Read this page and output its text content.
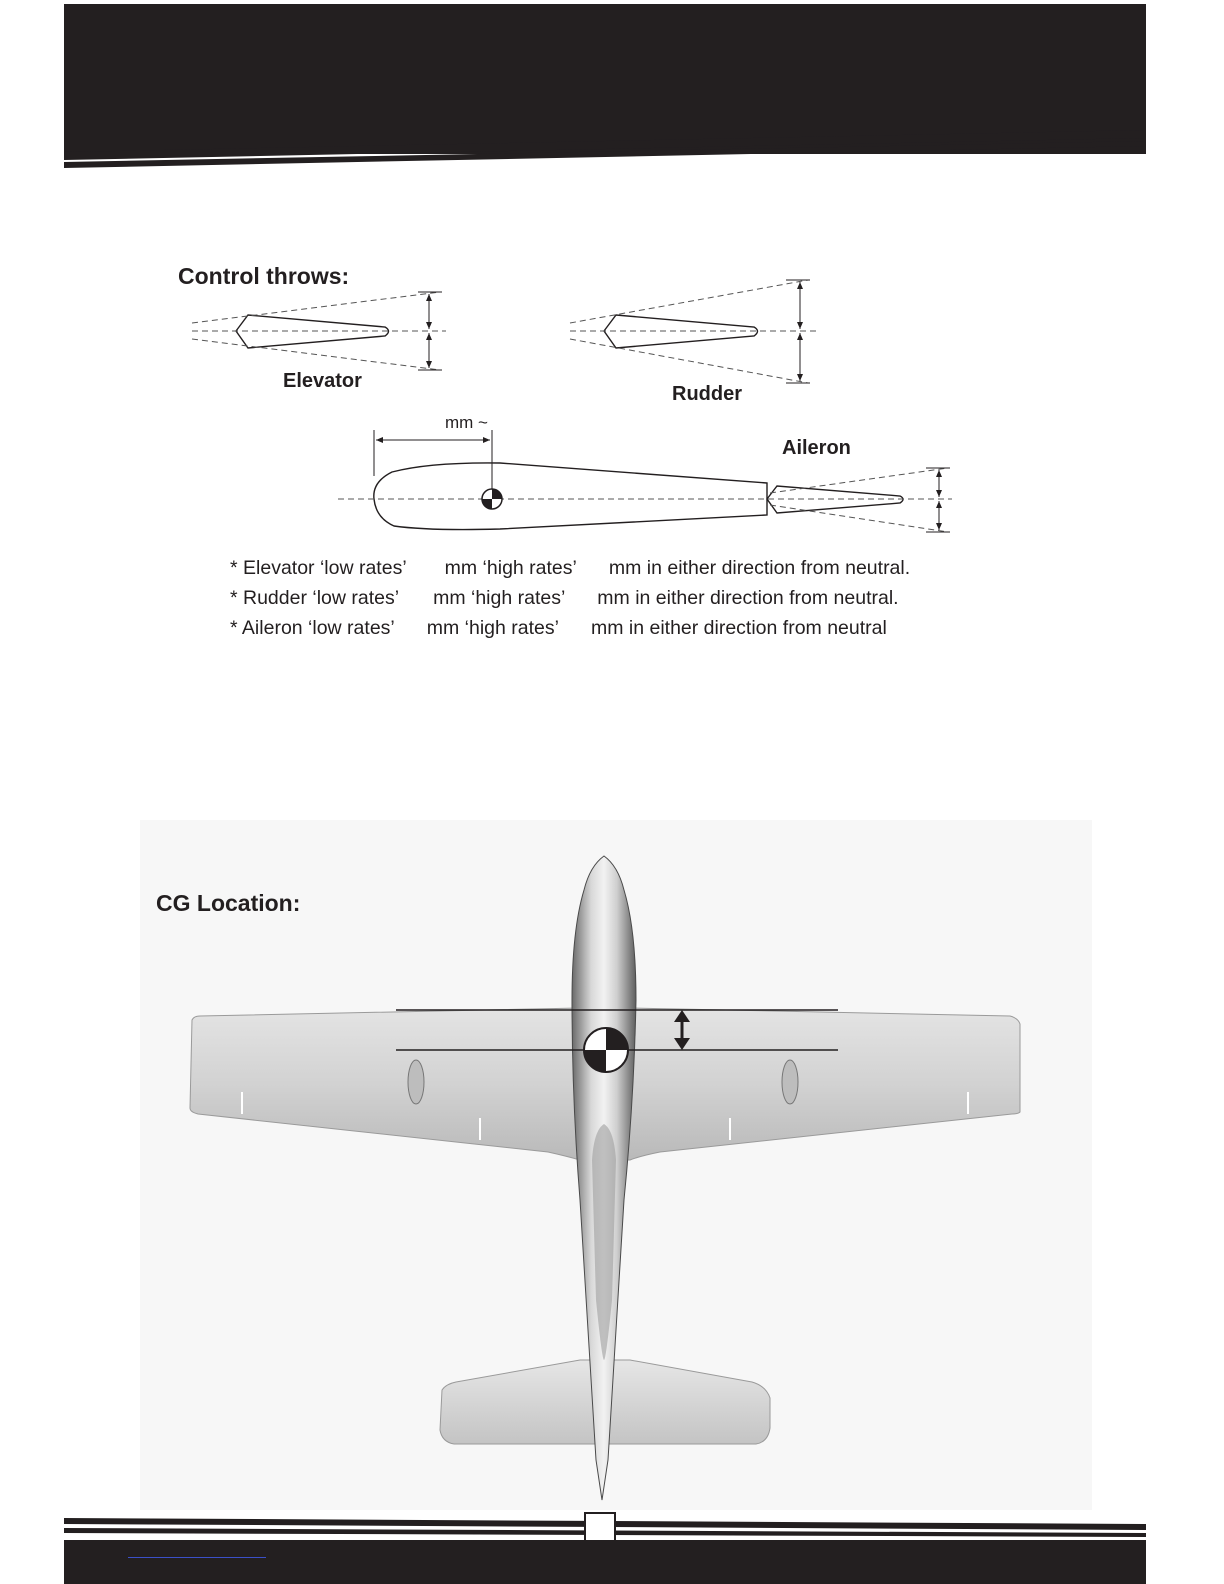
Control throws:
Elevator
Rudder
Aileron
mm ~
* Elevator ‘low rates’ mm ‘high rates’ mm in either direction from neutral.
* Rudder ‘low rates’ mm ‘high rates’ mm in either direction from neutral.
* Aileron ‘low rates’ mm ‘high rates’ mm in either direction from neutral
CG Location:
